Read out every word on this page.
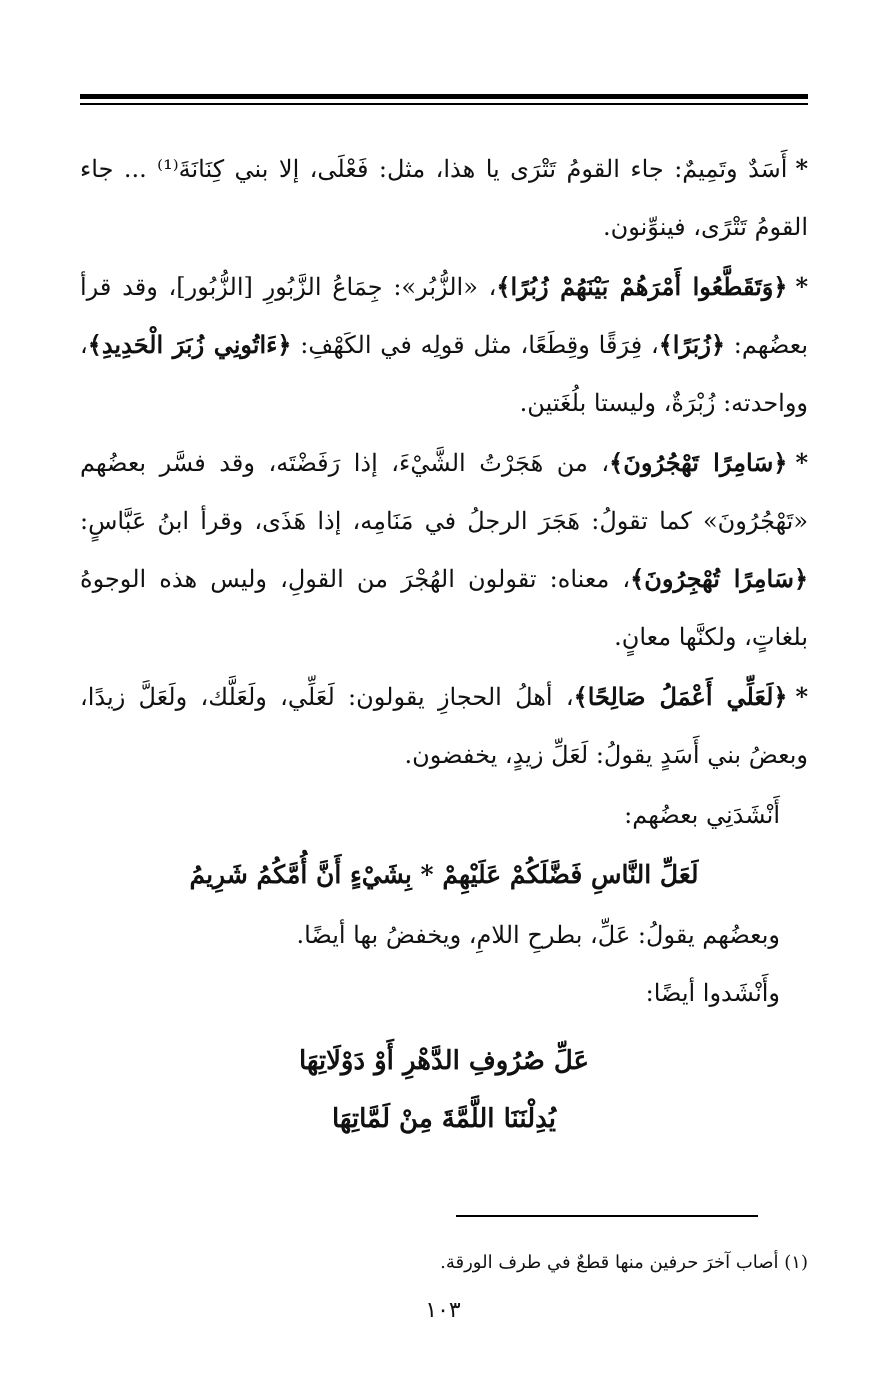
*أَسَدٌ وتَمِيمٌ: جاء القومُ تَتْرَى يا هذا، مثل: فَعْلَى، إلا بني كِنَانَةَ⁽¹⁾ ... جاء القومُ تَتْرًى، فينوِّنون.

*﴿وَتَقَطَّعُوا أَمْرَهُمْ بَيْنَهُمْ زُبُرًا﴾، «الزُّبُر»: جِمَاعُ الزَّبُورِ [الزُّبُور]، وقد قرأ بعضُهم: ﴿زُبَرًا﴾، فِرَقًا وقِطَعًا، مثل قولِه في الكَهْفِ: ﴿ءَاتُونِي زُبَرَ الْحَدِيدِ﴾، وواحدته: زُبْرَةٌ، وليستا بلُغَتين.

*﴿سَامِرًا تَهْجُرُونَ﴾، من هَجَرْتُ الشَّيْءَ، إذا رَفَضْتَه، وقد فسَّر بعضُهم «تَهْجُرُونَ» كما تقولُ: هَجَرَ الرجلُ في مَنَامِه، إذا هَذَى، وقرأ ابنُ عَبَّاسٍ: ﴿سَامِرًا تُهْجِرُونَ﴾، معناه: تقولون الهُجْرَ من القولِ، وليس هذه الوجوهُ بلغاتٍ، ولكنَّها معانٍ.

*﴿لَعَلِّي أَعْمَلُ صَالِحًا﴾، أهلُ الحجازِ يقولون: لَعَلِّي، ولَعَلَّك، ولَعَلَّ زيدًا، وبعضُ بني أَسَدٍ يقولُ: لَعَلِّ زيدٍ، يخفضون.

أَنْشَدَنِي بعضُهم:

لَعَلِّ النَّاسِ فَضَّلَكُمْ عَلَيْهِمْ * بِشَيْءٍ أَنَّ أُمَّكُمُ شَرِيمُ

وبعضُهم يقولُ: عَلِّ، بطرحِ اللامِ، ويخفضُ بها أيضًا.

وأَنْشَدوا أيضًا:

عَلِّ صُرُوفِ الدَّهْرِ أَوْ دَوْلَاتِهَا
يُدِلْنَنَا اللَّمَّةَ مِنْ لَمَّاتِهَا
(١) أصاب آخرَ حرفين منها قطعٌ في طرف الورقة.
١٠٣
